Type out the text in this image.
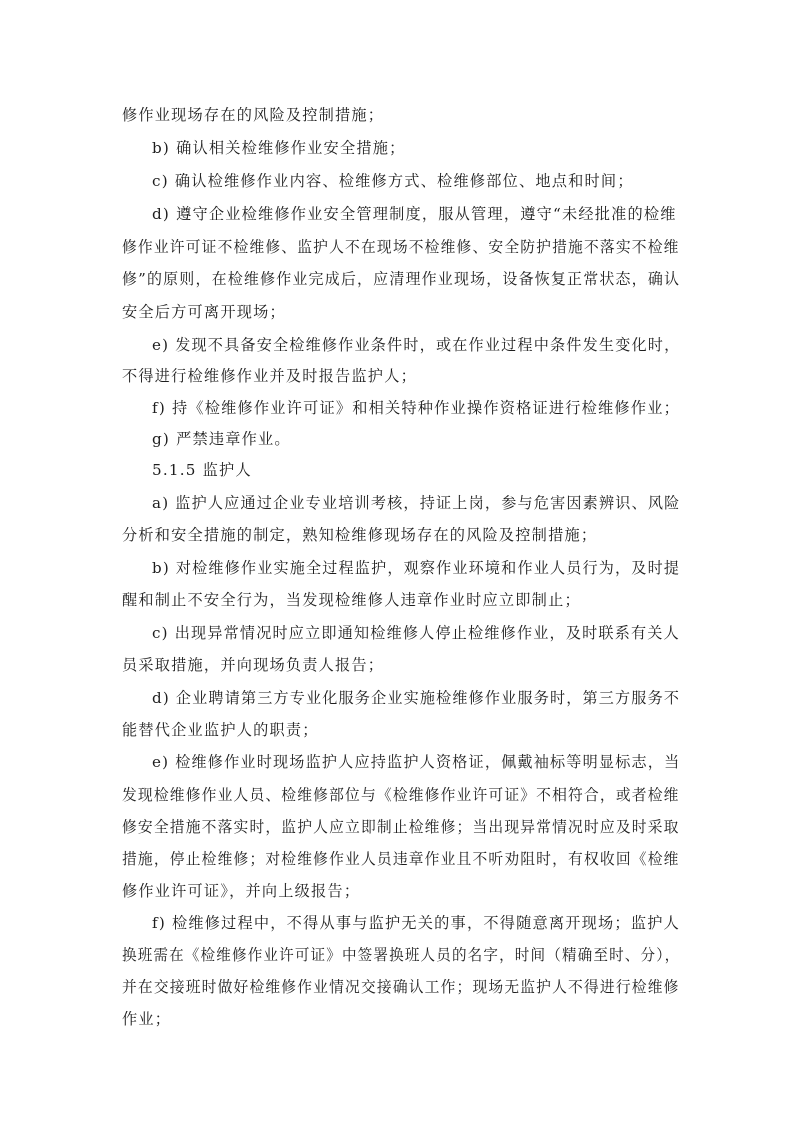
修作业现场存在的风险及控制措施；
b) 确认相关检维修作业安全措施；
c) 确认检维修作业内容、检维修方式、检维修部位、地点和时间；
d) 遵守企业检维修作业安全管理制度，服从管理，遵守“未经批准的检维
修作业许可证不检维修、监护人不在现场不检维修、安全防护措施不落实不检维
修”的原则，在检维修作业完成后，应清理作业现场，设备恢复正常状态，确认
安全后方可离开现场；
e) 发现不具备安全检维修作业条件时，或在作业过程中条件发生变化时，
不得进行检维修作业并及时报告监护人；
f) 持《检维修作业许可证》和相关特种作业操作资格证进行检维修作业；
g) 严禁违章作业。
5.1.5 监护人
a) 监护人应通过企业专业培训考核，持证上岗，参与危害因素辨识、风险
分析和安全措施的制定，熟知检维修现场存在的风险及控制措施；
b) 对检维修作业实施全过程监护，观察作业环境和作业人员行为，及时提
醒和制止不安全行为，当发现检维修人违章作业时应立即制止；
c) 出现异常情况时应立即通知检维修人停止检维修作业，及时联系有关人
员采取措施，并向现场负责人报告；
d) 企业聘请第三方专业化服务企业实施检维修作业服务时，第三方服务不
能替代企业监护人的职责；
e) 检维修作业时现场监护人应持监护人资格证，佩戴袖标等明显标志，当
发现检维修作业人员、检维修部位与《检维修作业许可证》不相符合，或者检维
修安全措施不落实时，监护人应立即制止检维修；当出现异常情况时应及时采取
措施，停止检维修；对检维修作业人员违章作业且不听劝阻时，有权收回《检维
修作业许可证》，并向上级报告；
f) 检维修过程中，不得从事与监护无关的事，不得随意离开现场；监护人
换班需在《检维修作业许可证》中签署换班人员的名字，时间（精确至时、分），
并在交接班时做好检维修作业情况交接确认工作；现场无监护人不得进行检维修
作业；
